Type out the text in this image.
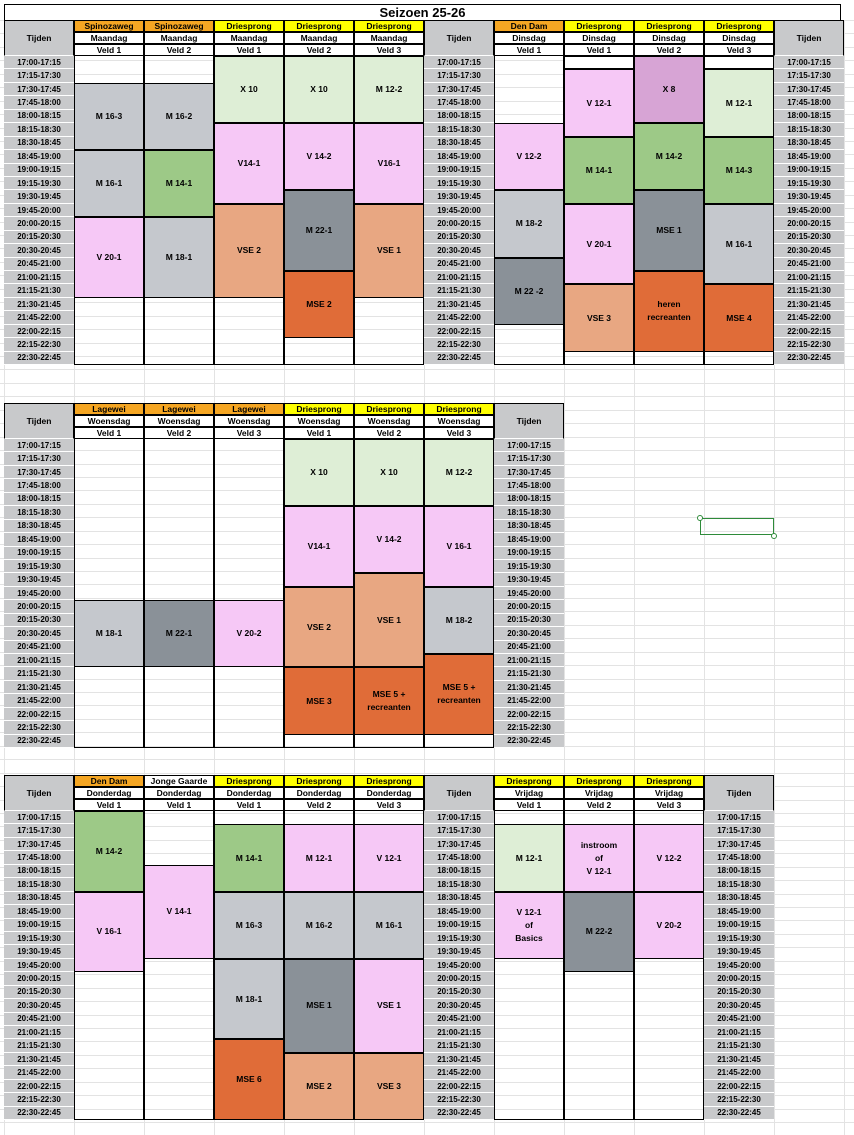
Seizoen 25-26
Tijden
17:00-17:15
17:15-17:30
17:30-17:45
17:45-18:00
18:00-18:15
18:15-18:30
18:30-18:45
18:45-19:00
19:00-19:15
19:15-19:30
19:30-19:45
19:45-20:00
20:00-20:15
20:15-20:30
20:30-20:45
20:45-21:00
21:00-21:15
21:15-21:30
21:30-21:45
21:45-22:00
22:00-22:15
22:15-22:30
22:30-22:45
Spinozaweg
Maandag
Veld 1
Spinozaweg
Maandag
Veld 2
Driesprong
Maandag
Veld 1
Driesprong
Maandag
Veld 2
Driesprong
Maandag
Veld 3
Tijden
17:00-17:15
17:15-17:30
17:30-17:45
17:45-18:00
18:00-18:15
18:15-18:30
18:30-18:45
18:45-19:00
19:00-19:15
19:15-19:30
19:30-19:45
19:45-20:00
20:00-20:15
20:15-20:30
20:30-20:45
20:45-21:00
21:00-21:15
21:15-21:30
21:30-21:45
21:45-22:00
22:00-22:15
22:15-22:30
22:30-22:45
Den Dam
Dinsdag
Veld 1
Driesprong
Dinsdag
Veld 1
Driesprong
Dinsdag
Veld 2
Driesprong
Dinsdag
Veld 3
Tijden
17:00-17:15
17:15-17:30
17:30-17:45
17:45-18:00
18:00-18:15
18:15-18:30
18:30-18:45
18:45-19:00
19:00-19:15
19:15-19:30
19:30-19:45
19:45-20:00
20:00-20:15
20:15-20:30
20:30-20:45
20:45-21:00
21:00-21:15
21:15-21:30
21:30-21:45
21:45-22:00
22:00-22:15
22:15-22:30
22:30-22:45
M 16-3
M 16-1
V 20-1
M 16-2
M 14-1
M 18-1
X 10
V14-1
VSE 2
X 10
V 14-2
M 22-1
MSE 2
M 12-2
V16-1
VSE 1
V 12-2
M 18-2
M 22 -2
V 12-1
M 14-1
V 20-1
VSE 3
X 8
M 14-2
MSE 1
heren
recreanten
M 12-1
M 14-3
M 16-1
MSE 4
Tijden
17:00-17:15
17:15-17:30
17:30-17:45
17:45-18:00
18:00-18:15
18:15-18:30
18:30-18:45
18:45-19:00
19:00-19:15
19:15-19:30
19:30-19:45
19:45-20:00
20:00-20:15
20:15-20:30
20:30-20:45
20:45-21:00
21:00-21:15
21:15-21:30
21:30-21:45
21:45-22:00
22:00-22:15
22:15-22:30
22:30-22:45
Lagewei
Woensdag
Veld 1
Lagewei
Woensdag
Veld 2
Lagewei
Woensdag
Veld 3
Driesprong
Woensdag
Veld 1
Driesprong
Woensdag
Veld 2
Driesprong
Woensdag
Veld 3
Tijden
17:00-17:15
17:15-17:30
17:30-17:45
17:45-18:00
18:00-18:15
18:15-18:30
18:30-18:45
18:45-19:00
19:00-19:15
19:15-19:30
19:30-19:45
19:45-20:00
20:00-20:15
20:15-20:30
20:30-20:45
20:45-21:00
21:00-21:15
21:15-21:30
21:30-21:45
21:45-22:00
22:00-22:15
22:15-22:30
22:30-22:45
M 18-1	M 22-1	V 20-2
X 10
V14-1
VSE 2
MSE 3
X 10
V 14-2
VSE 1
MSE 5 +
recreanten
M 12-2
V 16-1
M 18-2
MSE 5 +
recreanten
Tijden
17:00-17:15
17:15-17:30
17:30-17:45
17:45-18:00
18:00-18:15
18:15-18:30
18:30-18:45
18:45-19:00
19:00-19:15
19:15-19:30
19:30-19:45
19:45-20:00
20:00-20:15
20:15-20:30
20:30-20:45
20:45-21:00
21:00-21:15
21:15-21:30
21:30-21:45
21:45-22:00
22:00-22:15
22:15-22:30
22:30-22:45
Den Dam
Donderdag
Veld 1
Jonge Gaarde
Donderdag
Veld 1
Driesprong
Donderdag
Veld 1
Driesprong
Donderdag
Veld 2
Driesprong
Donderdag
Veld 3
Tijden
17:00-17:15
17:15-17:30
17:30-17:45
17:45-18:00
18:00-18:15
18:15-18:30
18:30-18:45
18:45-19:00
19:00-19:15
19:15-19:30
19:30-19:45
19:45-20:00
20:00-20:15
20:15-20:30
20:30-20:45
20:45-21:00
21:00-21:15
21:15-21:30
21:30-21:45
21:45-22:00
22:00-22:15
22:15-22:30
22:30-22:45
Driesprong
Vrijdag
Veld 1
Driesprong
Vrijdag
Veld 2
Driesprong
Vrijdag
Veld 3
Tijden
17:00-17:15
17:15-17:30
17:30-17:45
17:45-18:00
18:00-18:15
18:15-18:30
18:30-18:45
18:45-19:00
19:00-19:15
19:15-19:30
19:30-19:45
19:45-20:00
20:00-20:15
20:15-20:30
20:30-20:45
20:45-21:00
21:00-21:15
21:15-21:30
21:30-21:45
21:45-22:00
22:00-22:15
22:15-22:30
22:30-22:45
M 14-2
V 16-1
V 14-1
M 14-1
M 16-3
M 18-1
MSE 6
M 12-1
M 16-2
MSE 1
MSE 2
V 12-1
M 16-1
VSE 1
VSE 3
M 12-1
V 12-1
of
Basics
instroom
of
V 12-1
M 22-2
V 12-2
V 20-2
